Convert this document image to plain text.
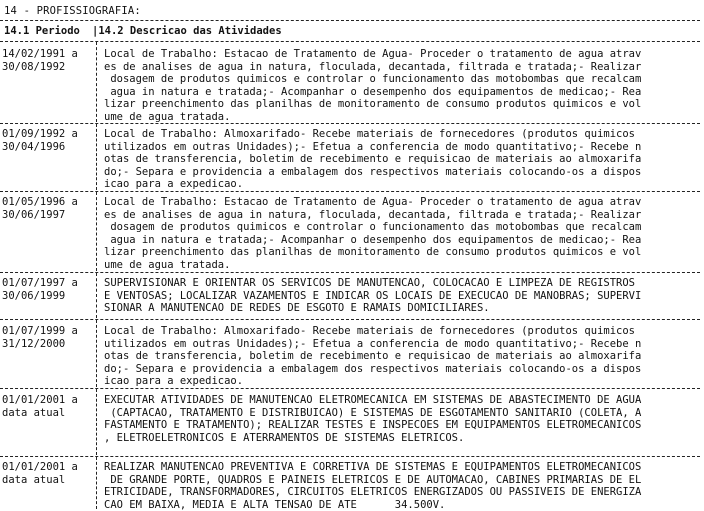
14 - PROFISSIOGRAFIA:
14.1 Periodo |14.2 Descricao das Atividades
14/02/1991 a
30/08/1992
Local de Trabalho: Estacao de Tratamento de Agua- Proceder o tratamento de agua atrav
es de analises de agua in natura, floculada, decantada, filtrada e tratada;- Realizar
dosagem de produtos quimicos e controlar o funcionamento das motobombas que recalcam
agua in natura e tratada;- Acompanhar o desempenho dos equipamentos de medicao;- Rea
lizar preenchimento das planilhas de monitoramento de consumo produtos quimicos e vol
ume de agua tratada.
01/09/1992 a
30/04/1996
Local de Trabalho: Almoxarifado- Recebe materiais de fornecedores (produtos quimicos
utilizados em outras Unidades);- Efetua a conferencia de modo quantitativo;- Recebe n
otas de transferencia, boletim de recebimento e requisicao de materiais ao almoxarifa
do;- Separa e providencia a embalagem dos respectivos materiais colocando-os a dispos
icao para a expedicao.
01/05/1996 a
30/06/1997
Local de Trabalho: Estacao de Tratamento de Agua- Proceder o tratamento de agua atrav
es de analises de agua in natura, floculada, decantada, filtrada e tratada;- Realizar
dosagem de produtos quimicos e controlar o funcionamento das motobombas que recalcam
agua in natura e tratada;- Acompanhar o desempenho dos equipamentos de medicao;- Rea
lizar preenchimento das planilhas de monitoramento de consumo produtos quimicos e vol
ume de agua tratada.
01/07/1997 a
30/06/1999
SUPERVISIONAR E ORIENTAR OS SERVICOS DE MANUTENCAO, COLOCACAO E LIMPEZA DE REGISTROS
E VENTOSAS; LOCALIZAR VAZAMENTOS E INDICAR OS LOCAIS DE EXECUCAO DE MANOBRAS; SUPERVI
SIONAR A MANUTENCAO DE REDES DE ESGOTO E RAMAIS DOMICILIARES.
01/07/1999 a
31/12/2000
Local de Trabalho: Almoxarifado- Recebe materiais de fornecedores (produtos quimicos
utilizados em outras Unidades);- Efetua a conferencia de modo quantitativo;- Recebe n
otas de transferencia, boletim de recebimento e requisicao de materiais ao almoxarifa
do;- Separa e providencia a embalagem dos respectivos materiais colocando-os a dispos
icao para a expedicao.
01/01/2001 a
data atual
EXECUTAR ATIVIDADES DE MANUTENCAO ELETROMECANICA EM SISTEMAS DE ABASTECIMENTO DE AGUA
(CAPTACAO, TRATAMENTO E DISTRIBUICAO) E SISTEMAS DE ESGOTAMENTO SANITARIO (COLETA, A
FASTAMENTO E TRATAMENTO); REALIZAR TESTES E INSPECOES EM EQUIPAMENTOS ELETROMECANICOS
, ELETROELETRONICOS E ATERRAMENTOS DE SISTEMAS ELETRICOS.
01/01/2001 a
data atual
REALIZAR MANUTENCAO PREVENTIVA E CORRETIVA DE SISTEMAS E EQUIPAMENTOS ELETROMECANICOS
DE GRANDE PORTE, QUADROS E PAINEIS ELETRICOS E DE AUTOMACAO, CABINES PRIMARIAS DE EL
ETRICIDADE, TRANSFORMADORES, CIRCUITOS ELETRICOS ENERGIZADOS OU PASSIVEIS DE ENERGIZA
CAO EM BAIXA, MEDIA E ALTA TENSAO DE ATE      34.500V.
